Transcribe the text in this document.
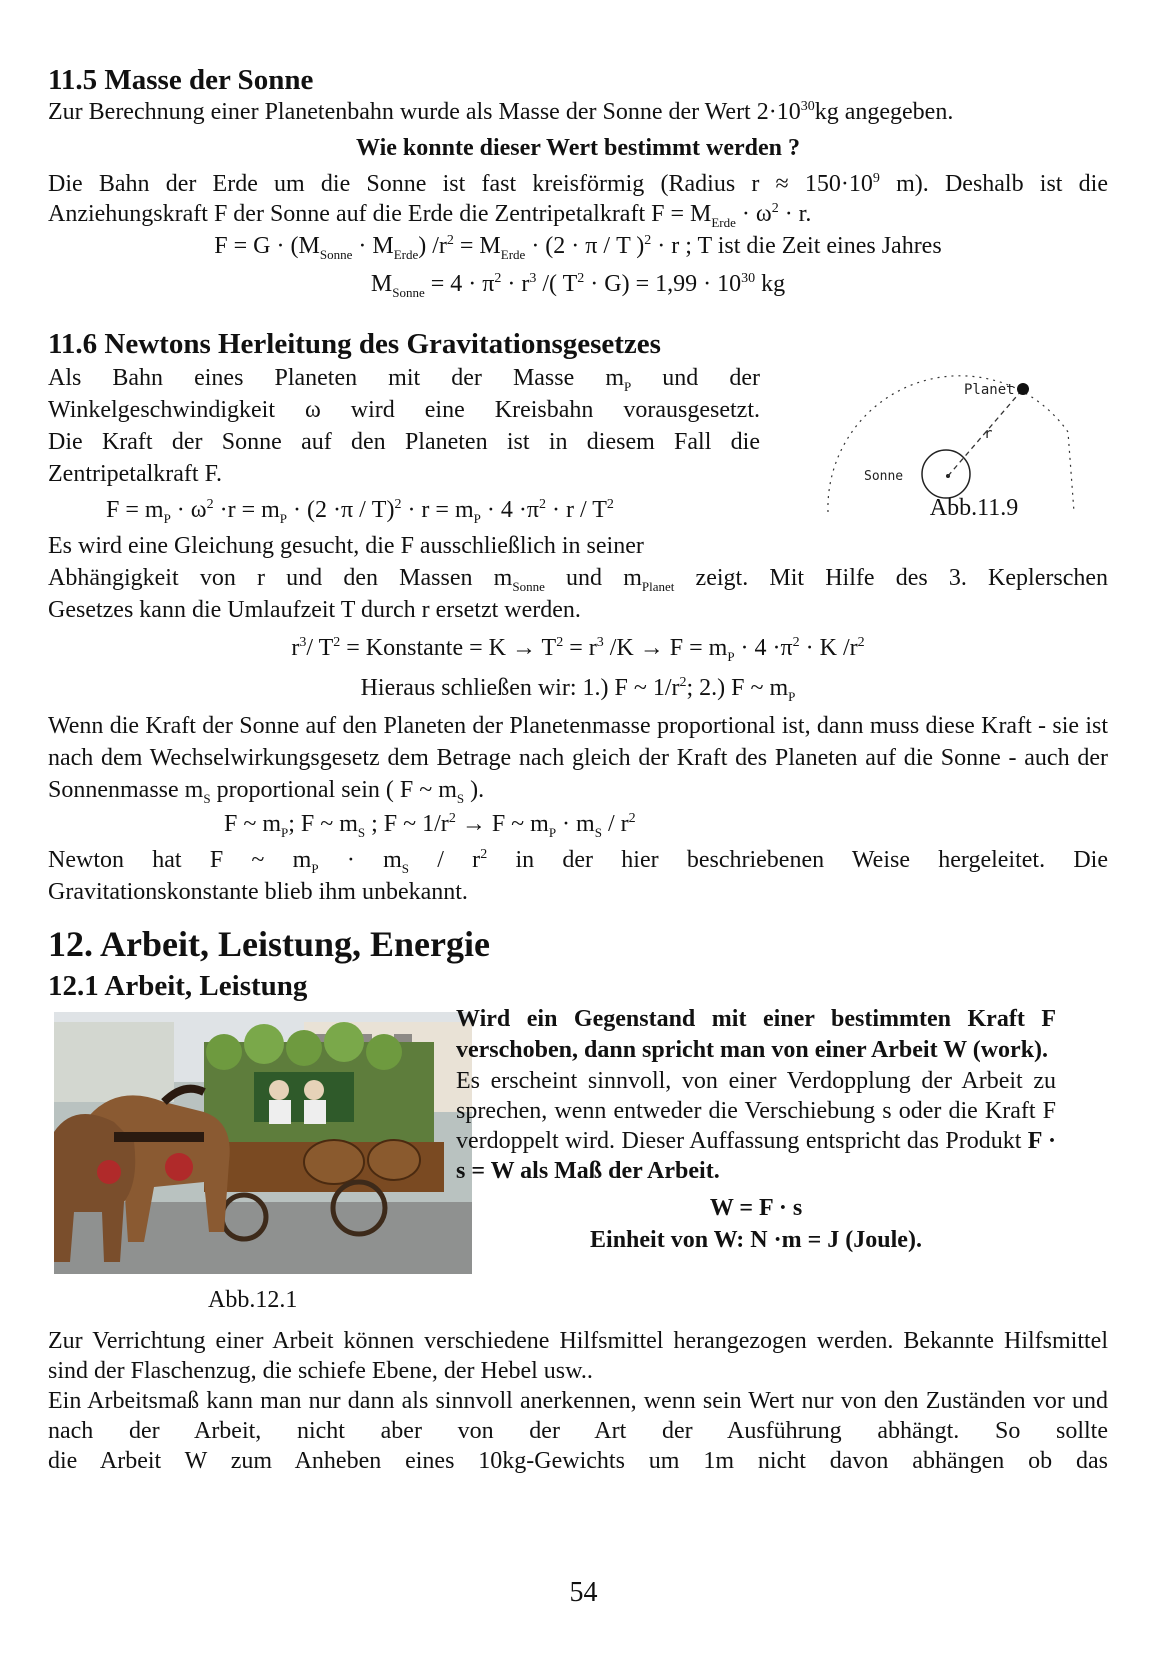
11.5 Masse der Sonne

Zur Berechnung einer Planetenbahn wurde als Masse der Sonne der Wert $2\cdot 10^{30}kg$ angegeben.

Wie konnte dieser Wert bestimmt werden ?

Die Bahn der Erde um die Sonne ist fast kreisförmig (Radius $r \approx 150\cdot 10^9$ m). Deshalb ist die

Anziehungskraft F der Sonne auf die Erde die Zentripetalkraft $F = M_{Erde} \cdot \omega^2 \cdot r$.

$F = G \cdot (M_{Sonne} \cdot M_{Erde}) /r^2 = M_{Erde} \cdot (2 \cdot \pi / T$ )$^2$ · r ; T ist die Zeit eines Jahres

$M_{Sonne} = 4 \cdot \pi^2 \cdot r^3$ /( $T^2 \cdot G) = 1,99 \cdot 10^{30}$ kg

11.6 Newtons Herleitung des Gravitationsgesetzes
Planet
r
Sonne
Abb.11.9

Als Bahn eines Planeten mit der Masse $m_P$ und der

Winkelgeschwindigkeit ω wird eine Kreisbahn vorausgesetzt.

Die Kraft der Sonne auf den Planeten ist in diesem Fall die

Zentripetalkraft F.

$F = m_P \cdot \omega^2 \cdot r = m_P \cdot (2 \cdot\pi / T)^2 \cdot r = m_P \cdot 4 \cdot\pi^2 \cdot r / T^2$

Es wird eine Gleichung gesucht, die F ausschließlich in seiner

Abhängigkeit von r und den Massen $m_{Sonne}$ und $m_{Planet}$ zeigt. Mit Hilfe des 3. Keplerschen

Gesetzes kann die Umlaufzeit T durch r ersetzt werden.

$r^3/$ $T^2$ = Konstante = $K \to T^2 = r^3$ $/K \to F = m_P \cdot 4 \cdot\pi^2 \cdot K$ $/r^2$

Hieraus schließen wir: 1.) F ~ $1/r^2$; 2.) F ~ $m_P$

Wenn die Kraft der Sonne auf den Planeten der Planetenmasse proportional ist, dann muss diese Kraft - sie ist nach dem Wechselwirkungsgesetz dem Betrage nach gleich der Kraft des Planeten auf die Sonne - auch der Sonnenmasse $m_S$ proportional sein ( F ~ $m_S$ ).

F ~ $m_P$; F ~ $m_S$ ; F ~ $1/r^2 \to F$ ~ $m_P \cdot m_S / r^2$

Newton hat F ~ $m_P \cdot m_S / r^2$ in der hier beschriebenen Weise hergeleitet. Die

Gravitationskonstante blieb ihm unbekannt.

12. Arbeit, Leistung, Energie
12.1 Arbeit, Leistung
Abb.12.1

Wird ein Gegenstand mit einer bestimmten Kraft F verschoben, dann spricht man von einer Arbeit W (work).

Es erscheint sinnvoll, von einer Verdopplung der Arbeit zu sprechen, wenn entweder die Verschiebung s oder die Kraft F verdoppelt wird. Dieser Auffassung entspricht das Produkt F · s = W als Maß der Arbeit.

W = F · s

Einheit von W: N ·m = J (Joule).

Zur Verrichtung einer Arbeit können verschiedene Hilfsmittel herangezogen werden. Bekannte Hilfsmittel sind der Flaschenzug, die schiefe Ebene, der Hebel usw..

Ein Arbeitsmaß kann man nur dann als sinnvoll anerkennen, wenn sein Wert nur von den Zuständen vor und nach der Arbeit, nicht aber von der Art der Ausführung abhängt. So sollte

die Arbeit W zum Anheben eines 10kg-Gewichts um 1m nicht davon abhängen ob das

54
